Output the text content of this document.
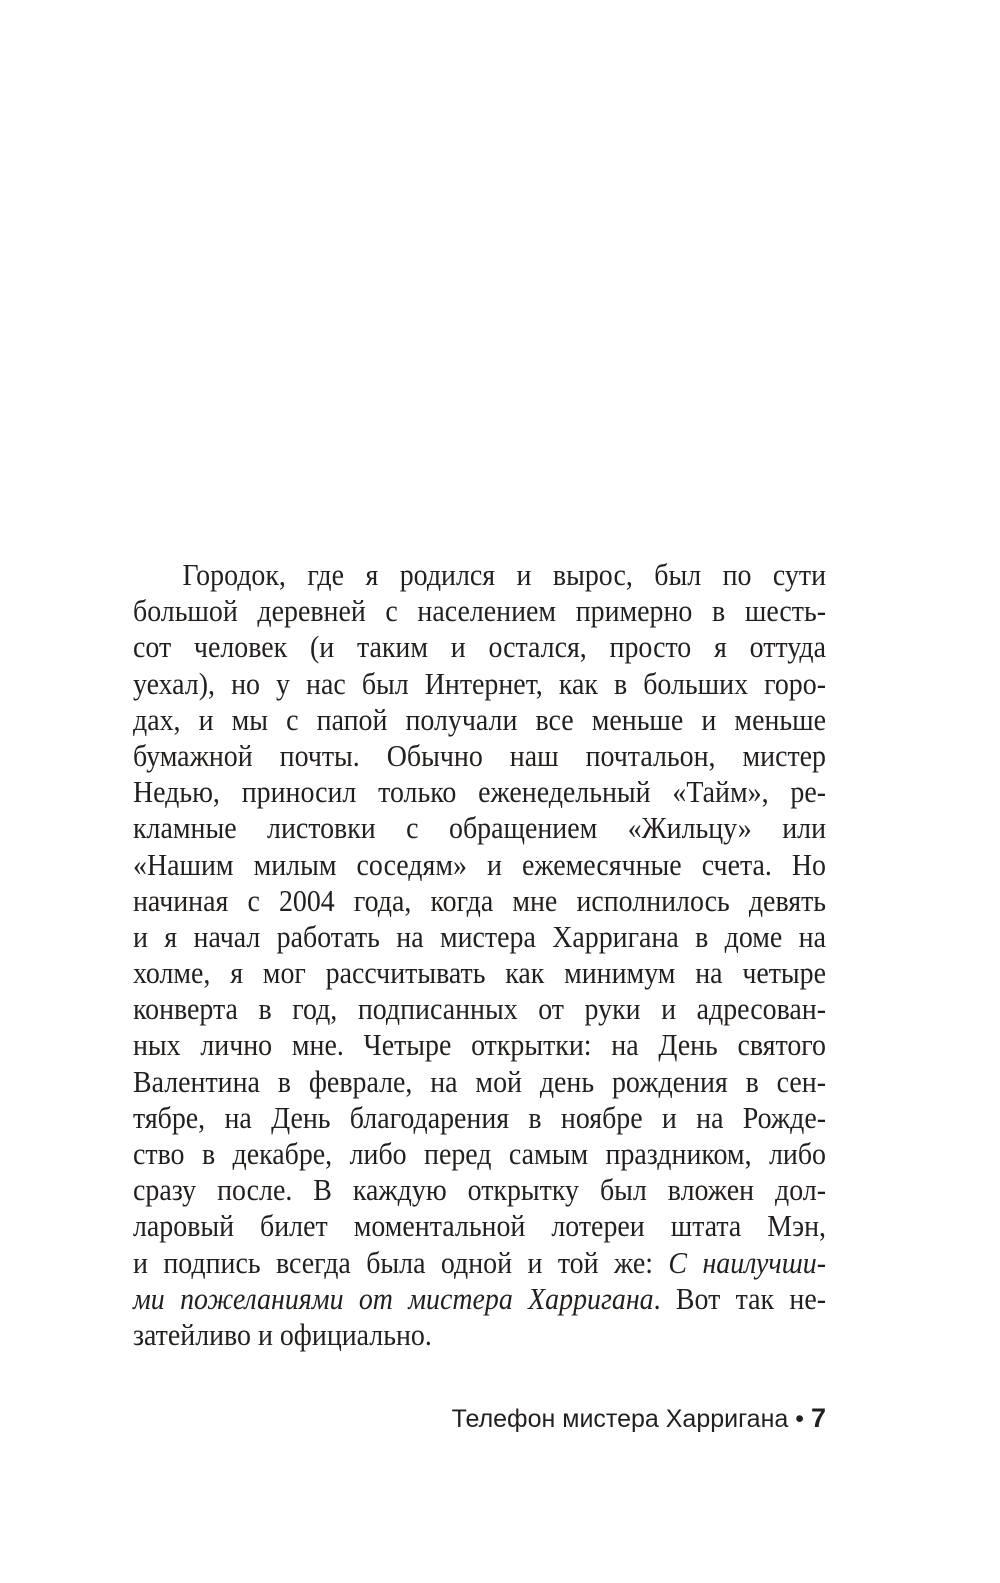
Городок, где я родился и вырос, был по сути
большой деревней с населением примерно в шесть-
сот человек (и таким и остался, просто я оттуда
уехал), но у нас был Интернет, как в больших горо-
дах, и мы с папой получали все меньше и меньше
бумажной почты. Обычно наш почтальон, мистер
Недью, приносил только еженедельный «Тайм», ре-
кламные листовки с обращением «Жильцу» или
«Нашим милым соседям» и ежемесячные счета. Но
начиная с 2004 года, когда мне исполнилось девять
и я начал работать на мистера Харригана в доме на
холме, я мог рассчитывать как минимум на четыре
конверта в год, подписанных от руки и адресован-
ных лично мне. Четыре открытки: на День святого
Валентина в феврале, на мой день рождения в сен-
тябре, на День благодарения в ноябре и на Рожде-
ство в декабре, либо перед самым праздником, либо
сразу после. В каждую открытку был вложен дол-
ларовый билет моментальной лотереи штата Мэн,
и подпись всегда была одной и той же: С наилучши-
ми пожеланиями от мистера Харригана. Вот так не-
затейливо и официально.
Телефон мистера Харригана • 7
